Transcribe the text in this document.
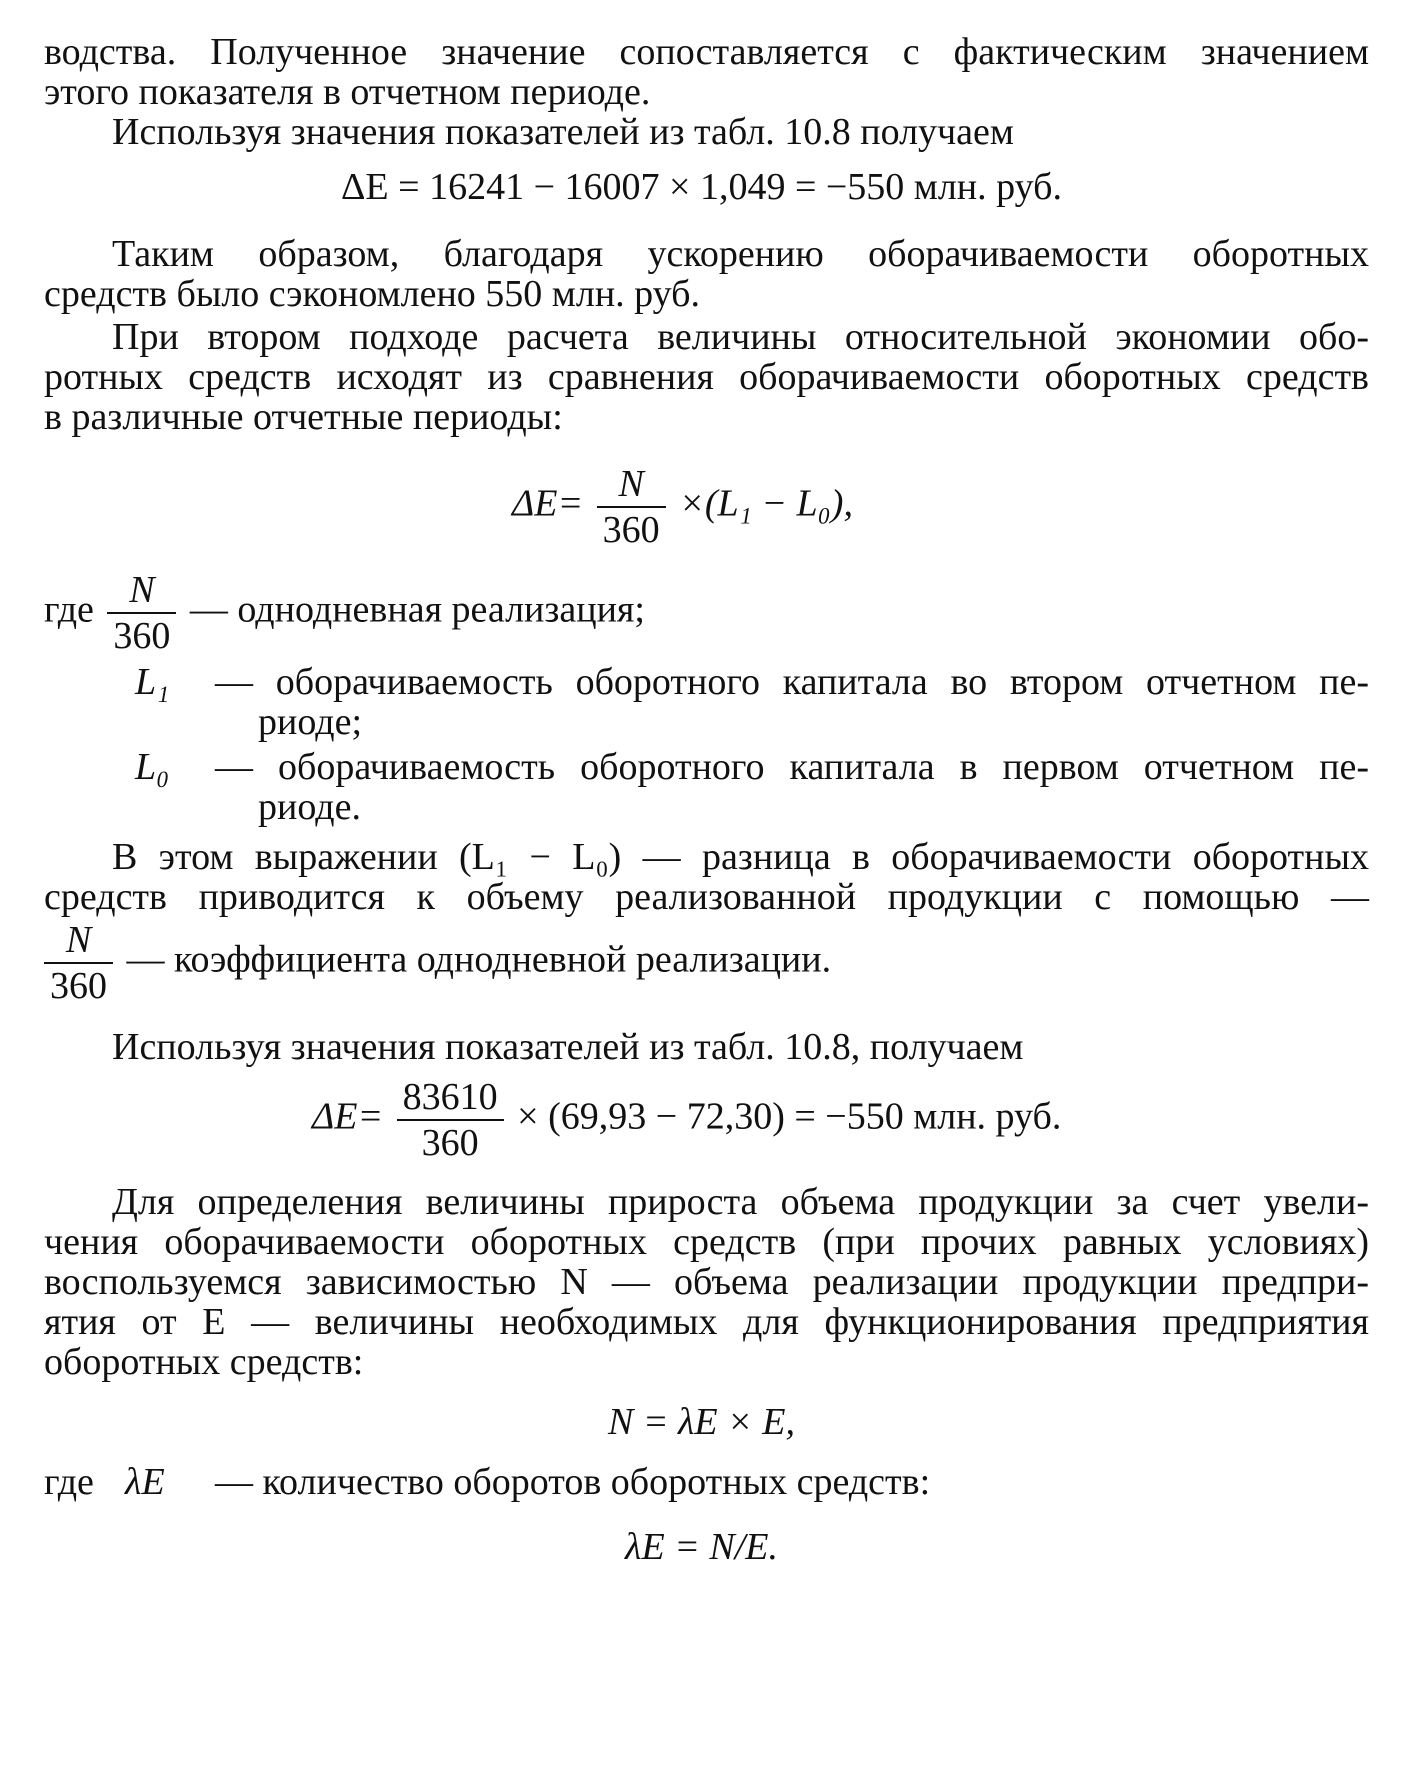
водства. Полученное значение сопоставляется с фактическим значением
этого показателя в отчетном периоде.
Используя значения показателей из табл. 10.8 получаем
ΔE = 16241 − 16007 × 1,049 = −550 млн. руб.
Таким образом, благодаря ускорению оборачиваемости оборотных
средств было сэкономлено 550 млн. руб.
При втором подходе расчета величины относительной экономии обо-
ротных средств исходят из сравнения оборачиваемости оборотных средств
в различные отчетные периоды:
$\Delta E= \frac{N}{360} \times(L_1 - L_0)$,
где $\frac{N}{360}$ — однодневная реализация;
L₁ — оборачиваемость оборотного капитала во втором отчетном пе-
риоде;
L₀ — оборачиваемость оборотного капитала в первом отчетном пе-
риоде.
В этом выражении (L₁ − L₀) — разница в оборачиваемости оборотных
средств приводится к объему реализованной продукции с помощью —
$\frac{N}{360}$ — коэффициента однодневной реализации.
Используя значения показателей из табл. 10.8, получаем
$\Delta E= \frac{83610}{360} \times (69,93 - 72,30) = -550$ млн. руб.
Для определения величины прироста объема продукции за счет увели-
чения оборачиваемости оборотных средств (при прочих равных условиях)
воспользуемся зависимостью N — объема реализации продукции предпри-
ятия от E — величины необходимых для функционирования предприятия
оборотных средств:
N = λE × E,
где λE — количество оборотов оборотных средств:
λE = N/E.
